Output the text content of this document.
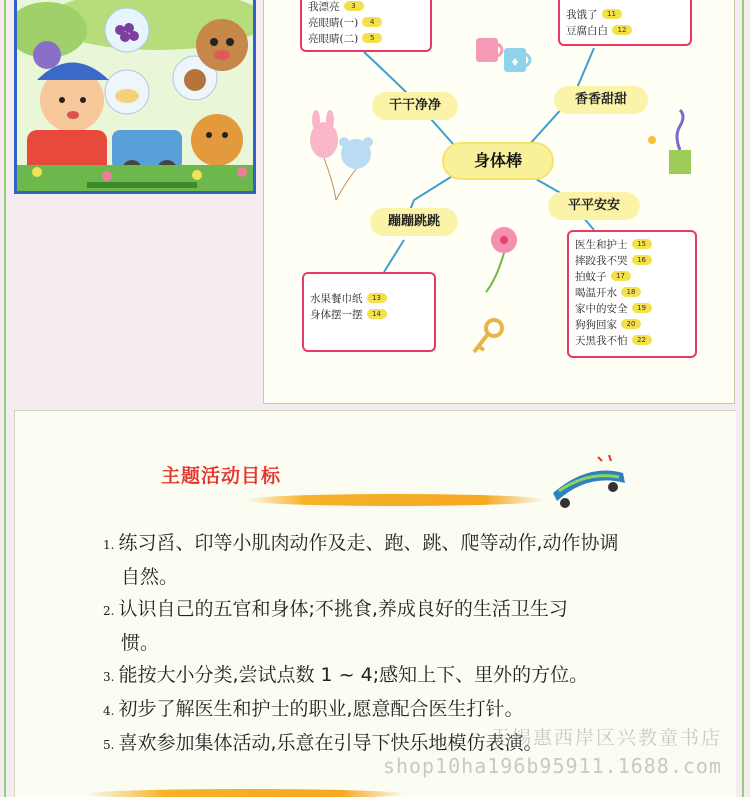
我漂亮	3
亮眼睛(一)	4
亮眼睛(二)	5
我饿了	11
豆腐白白	12
干干净净	香香甜甜
身体棒
蹦蹦跳跳
平平安安
水果餐巾纸	13
身体摆一摆	14
医生和护士	15
摔跤我不哭	16
拍蚊子	17
喝温开水	18
家中的安全	19
狗狗回家	20
天黑我不怕	22
主题活动目标
1. 练习舀、印等小肌肉动作及走、跑、跳、爬等动作,动作协调
自然。
2. 认识自己的五官和身体;不挑食,养成良好的生活卫生习
惯。
3. 能按大小分类,尝试点数 1 ~ 4;感知上下、里外的方位。
4. 初步了解医生和护士的职业,愿意配合医生打针。
5. 喜欢参加集体活动,乐意在引导下快乐地模仿表演。
无锡惠西岸区兴教童书店
shop10ha196b95911.1688.com
